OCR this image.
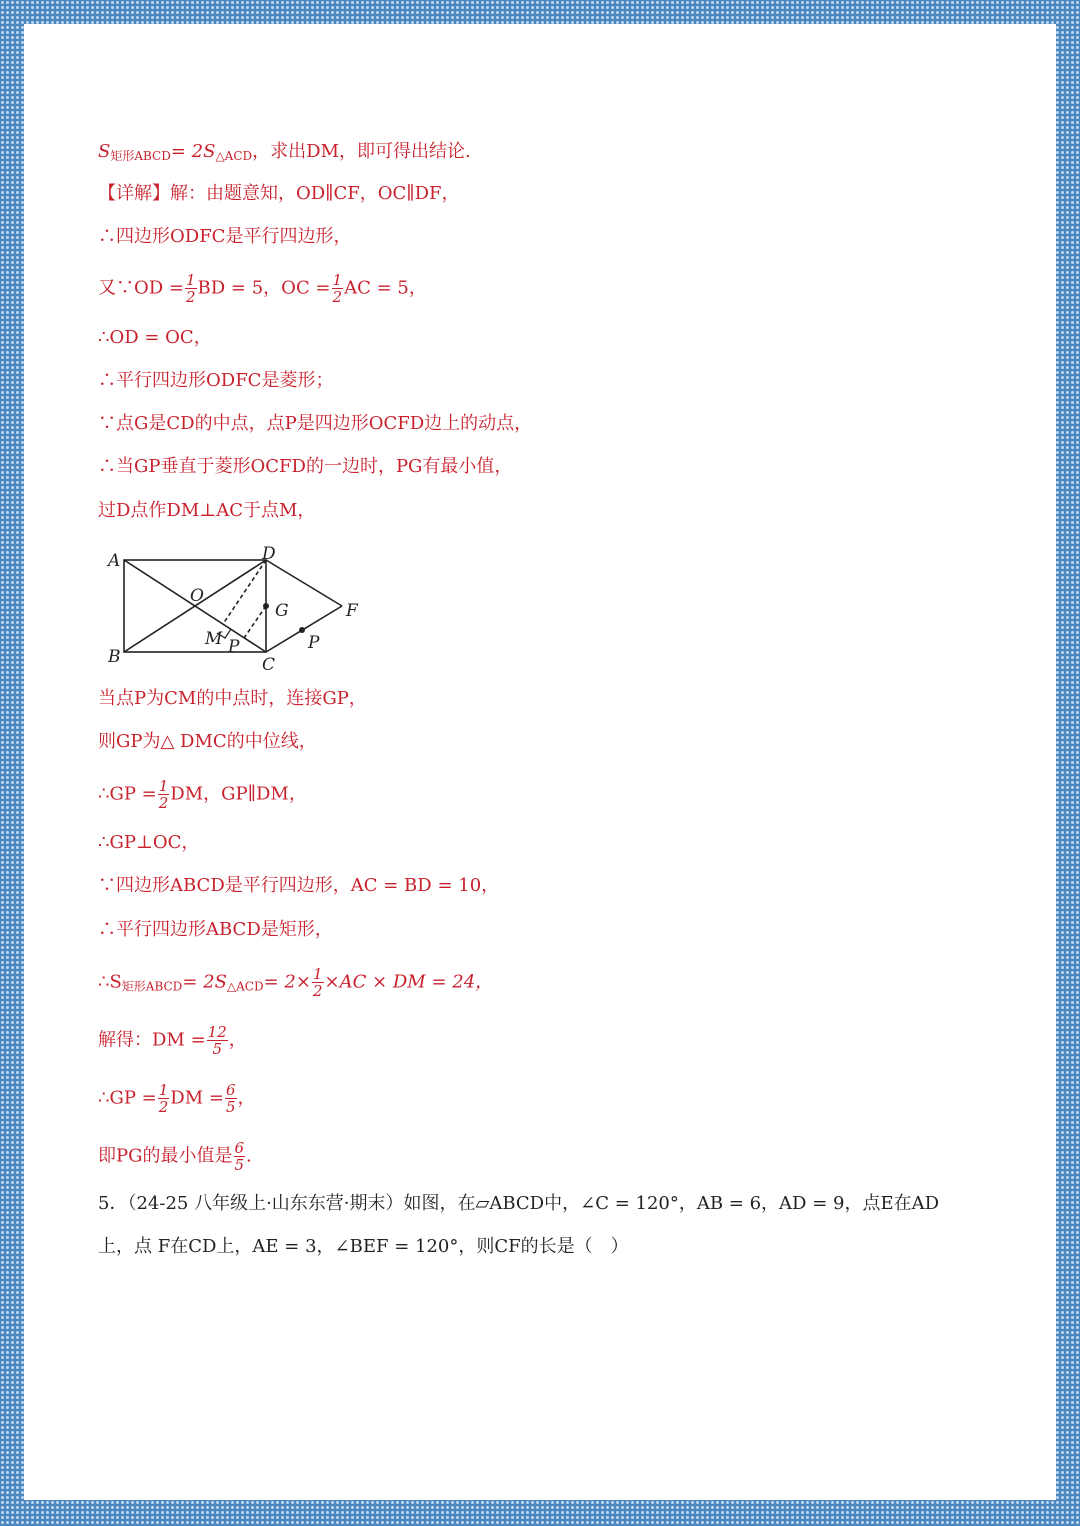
$S_{矩形ABCD}= 2S_{\triangle ACD}$，求出DM，即可得出结论.
【详解】解：由题意知，OD∥CF，OC∥DF，
∴四边形ODFC是平行四边形，
又∵OD = $\frac{1}{2}$ BD = 5，OC = $\frac{1}{2}$ AC = 5，
∴OD = OC，
∴平行四边形ODFC是菱形；
∵点G是CD的中点，点P是四边形OCFD边上的动点，
∴当GP垂直于菱形OCFD的一边时，PG有最小值，
过D点作DM⊥AC于点M，
A
B	C
D
O
F
G
M P	P
当点P为CM的中点时，连接GP，
则GP为△ DMC的中位线，
∴GP = $\frac{1}{2}$ DM，GP∥DM，
∴GP⊥OC，
∵四边形ABCD是平行四边形，AC = BD = 10，
∴平行四边形ABCD是矩形，
$\therefore S_{矩形ABCD}= 2S_{\triangle ACD}= 2\times \frac{1}{2} \times AC$ × DM = 24，
解得：DM = $\frac{12}{5}$ ，
∴GP = $\frac{1}{2}$ DM = $\frac{6}{5}$ ，
即PG的最小值是 $\frac{6}{5}$ .
5．（24-25 八年级上·山东东营·期末）如图，在▱ABCD中，∠C = 120°，AB = 6，AD = 9，点E在AD
上，点 F在CD上，AE = 3，∠BEF = 120°，则CF的长是（　）
